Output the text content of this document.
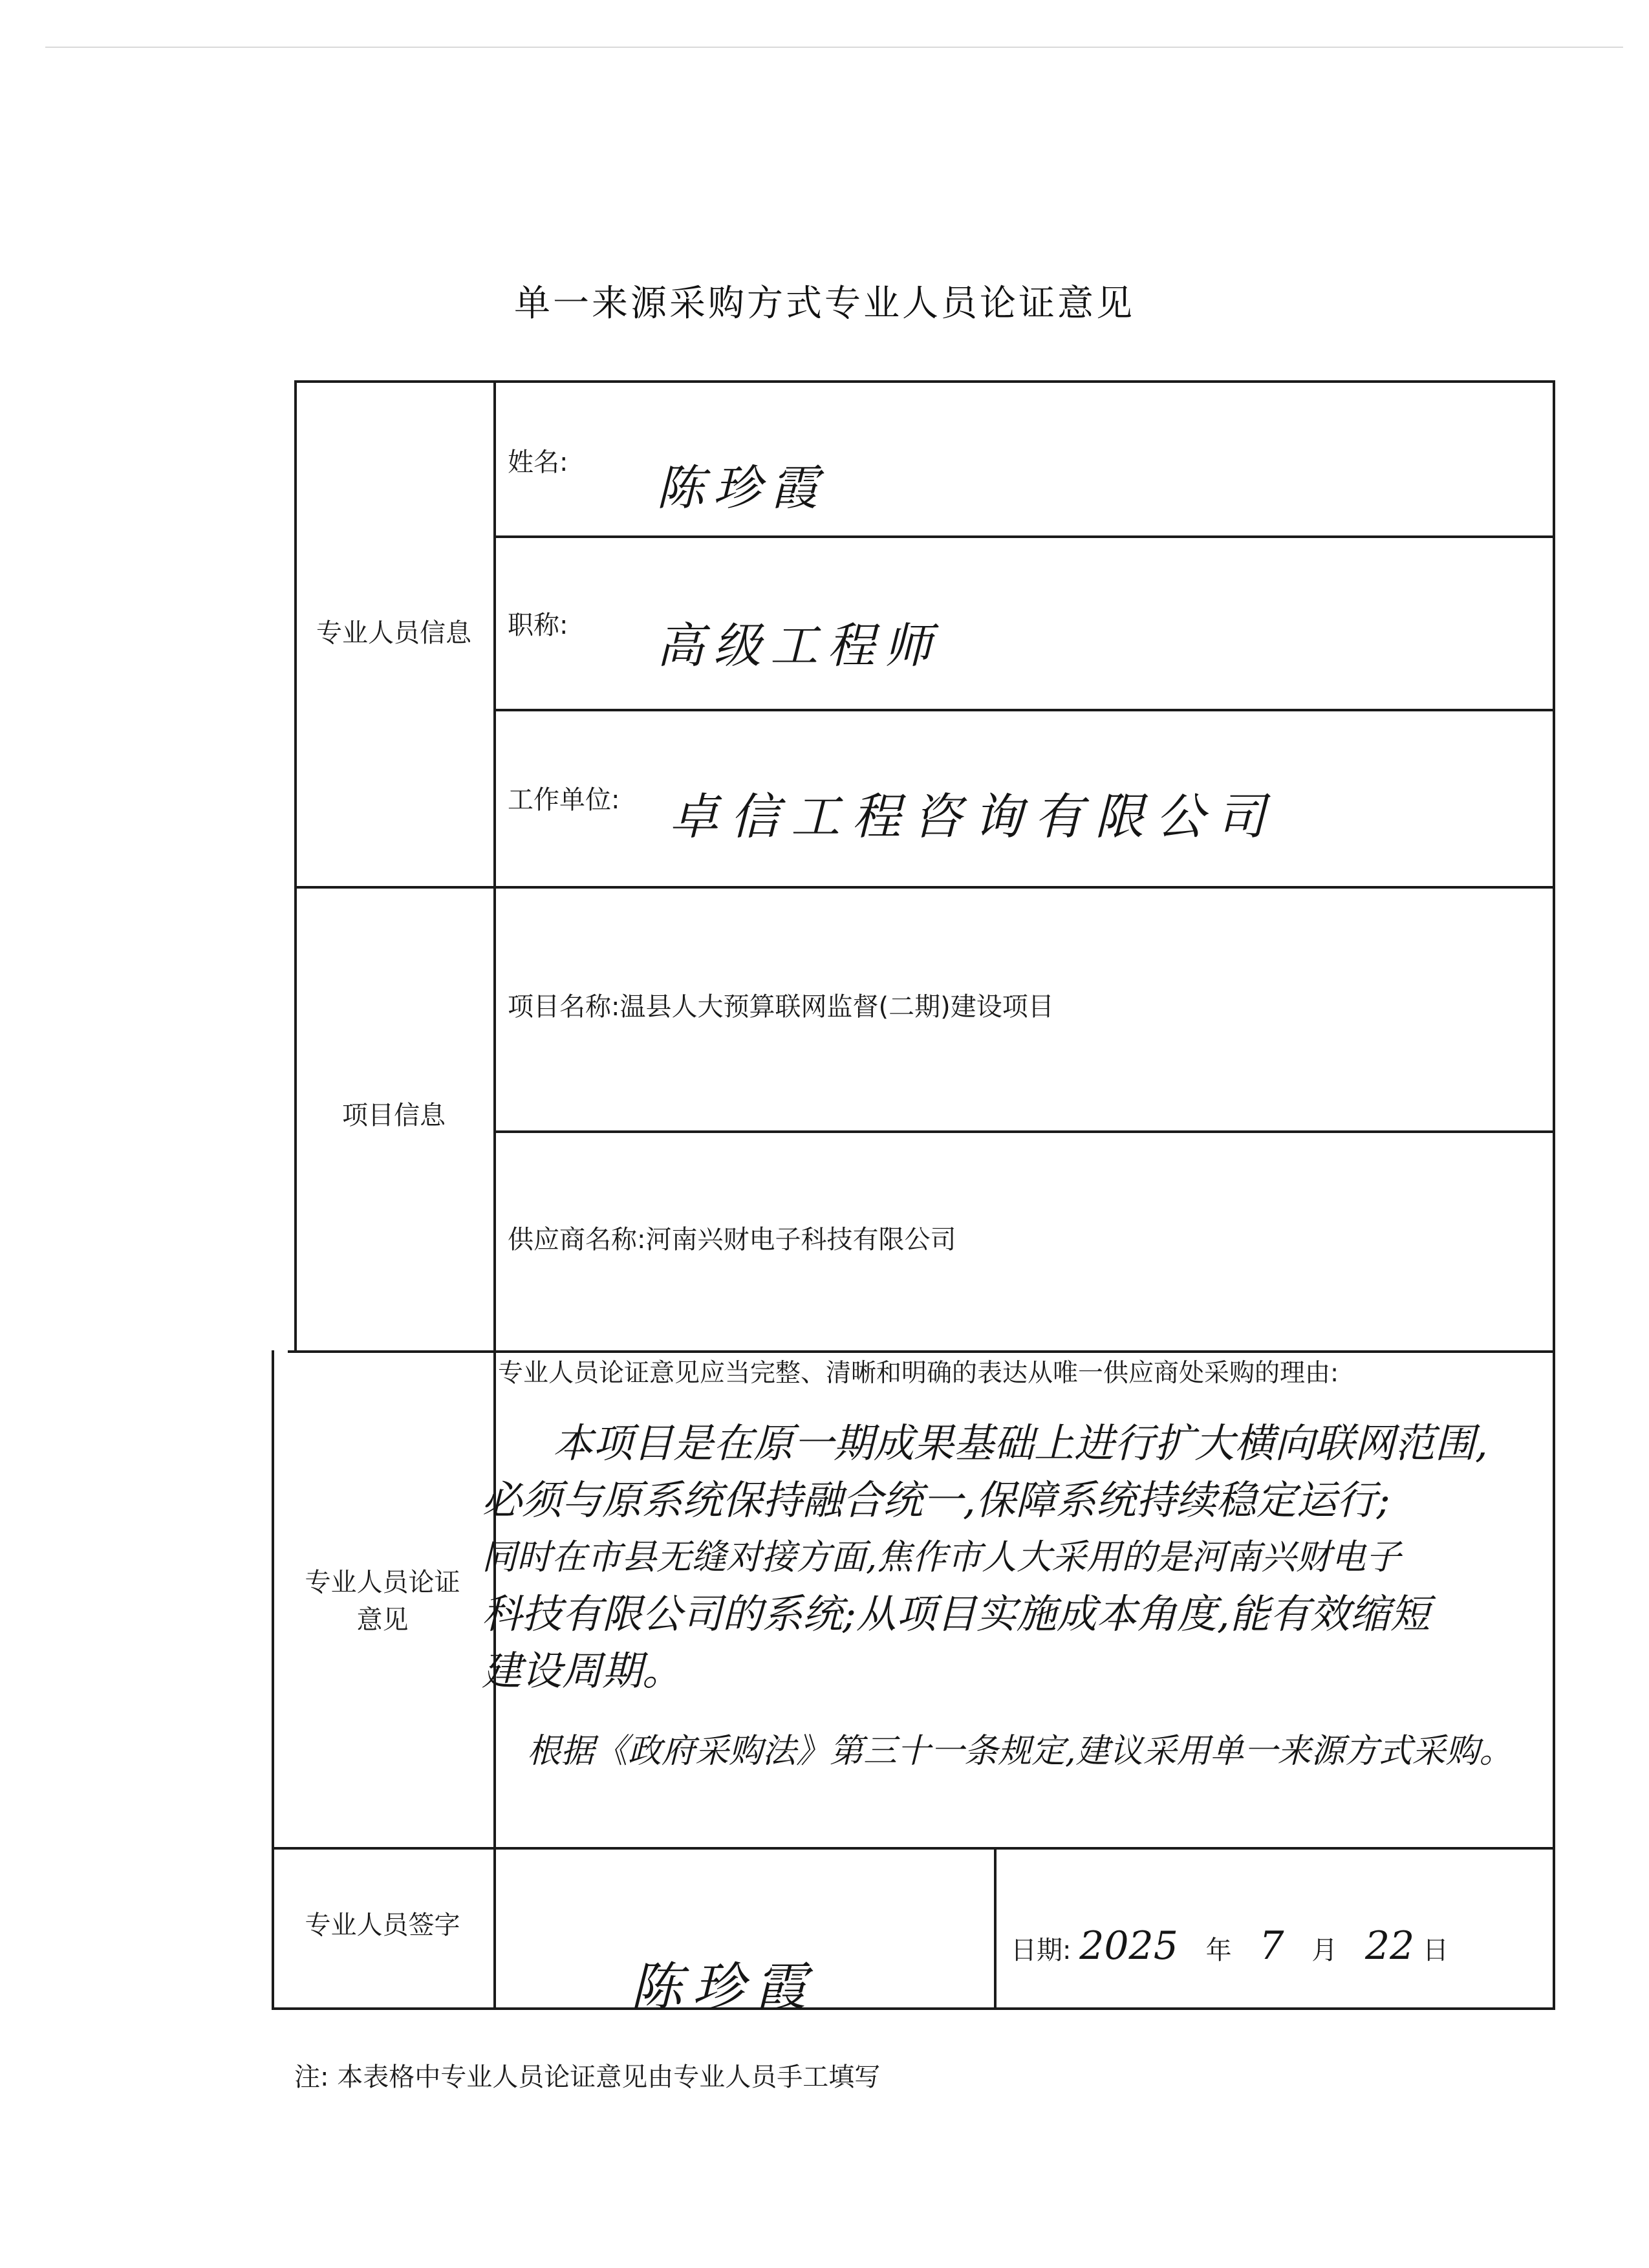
单一来源采购方式专业人员论证意见
专业人员信息
项目信息
专业人员论证
意见
专业人员签字
姓名: 陈珍霞
职称: 高级工程师
工作单位: 卓信工程咨询有限公司
项目名称:温县人大预算联网监督(二期)建设项目
供应商名称:河南兴财电子科技有限公司
专业人员论证意见应当完整、清晰和明确的表达从唯一供应商处采购的理由:
本项目是在原一期成果基础上进行扩大横向联网范围,
必须与原系统保持融合统一,保障系统持续稳定运行;
同时在市县无缝对接方面,焦作市人大采用的是河南兴财电子
科技有限公司的系统;从项目实施成本角度,能有效缩短
建设周期。
根据《政府采购法》第三十一条规定,建议采用单一来源方式采购。
陈珍霞
日期: 2025 年 7 月 22 日
注: 本表格中专业人员论证意见由专业人员手工填写
